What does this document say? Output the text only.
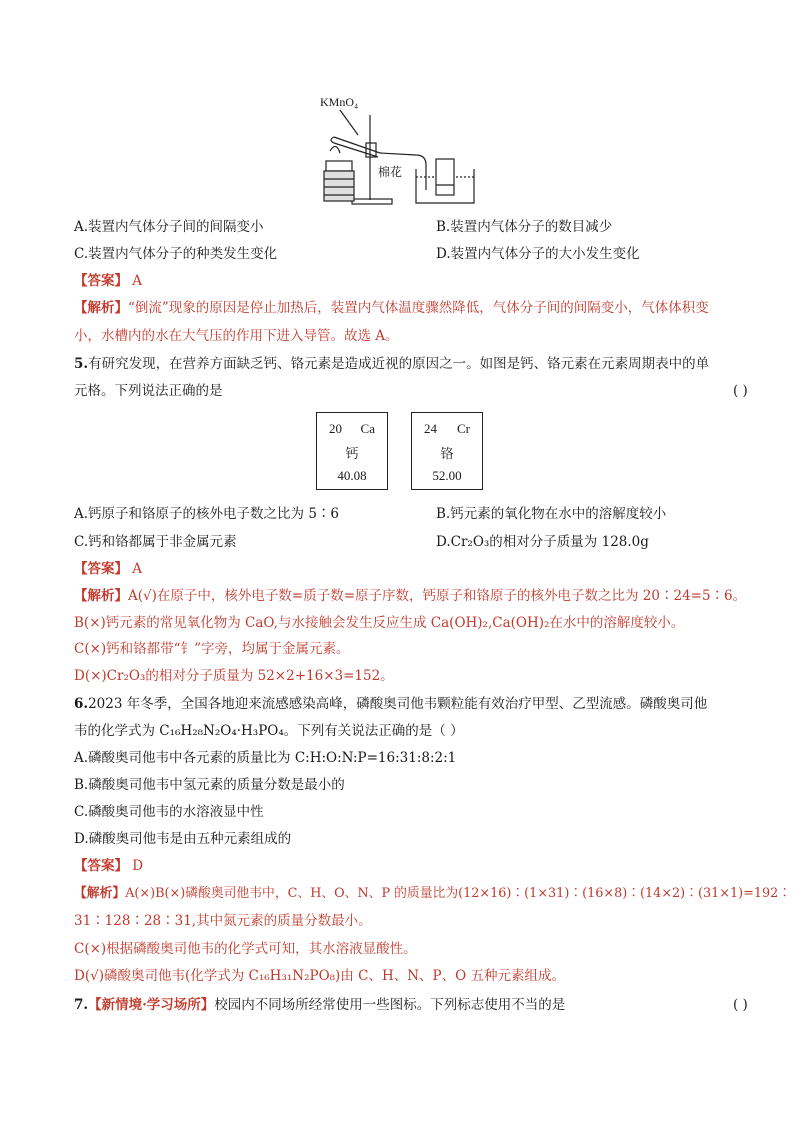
KMnO₄
棉花
A.装置内气体分子间的间隔变小	B.装置内气体分子的数目减少
C.装置内气体分子的种类发生变化	D.装置内气体分子的大小发生变化
【答案】 A
【解析】“倒流”现象的原因是停止加热后，装置内气体温度骤然降低，气体分子间的间隔变小，气体体积变
小，水槽内的水在大气压的作用下进入导管。故选 A。
5.有研究发现，在营养方面缺乏钙、铬元素是造成近视的原因之一。如图是钙、铬元素在元素周期表中的单
元格。下列说法正确的是	( )
20 Ca
钙
40.08
24 Cr
铬
52.00
A.钙原子和铬原子的核外电子数之比为 5∶6	B.钙元素的氧化物在水中的溶解度较小
C.钙和铬都属于非金属元素	D.Cr₂O₃的相对分子质量为 128.0g
【答案】 A
【解析】A(√)在原子中，核外电子数=质子数=原子序数，钙原子和铬原子的核外电子数之比为 20∶24=5∶6。
B(×)钙元素的常见氧化物为 CaO,与水接触会发生反应生成 Ca(OH)₂,Ca(OH)₂在水中的溶解度较小。
C(×)钙和铬都带“钅”字旁，均属于金属元素。
D(×)Cr₂O₃的相对分子质量为 52×2+16×3=152。
6.2023 年冬季，全国各地迎来流感感染高峰，磷酸奥司他韦颗粒能有效治疗甲型、乙型流感。磷酸奥司他
韦的化学式为 C₁₆H₂₈N₂O₄·H₃PO₄。下列有关说法正确的是（ ）
A.磷酸奥司他韦中各元素的质量比为 C:H:O:N:P=16:31:8:2:1
B.磷酸奥司他韦中氢元素的质量分数是最小的
C.磷酸奥司他韦的水溶液显中性
D.磷酸奥司他韦是由五种元素组成的
【答案】 D
【解析】A(×)B(×)磷酸奥司他韦中，C、H、O、N、P 的质量比为(12×16)∶(1×31)∶(16×8)∶(14×2)∶(31×1)=192∶
31∶128∶28∶31,其中氮元素的质量分数最小。
C(×)根据磷酸奥司他韦的化学式可知，其水溶液显酸性。
D(√)磷酸奥司他韦(化学式为 C₁₆H₃₁N₂PO₈)由 C、H、N、P、O 五种元素组成。
7.【新情境·学习场所】校园内不同场所经常使用一些图标。下列标志使用不当的是	( )
